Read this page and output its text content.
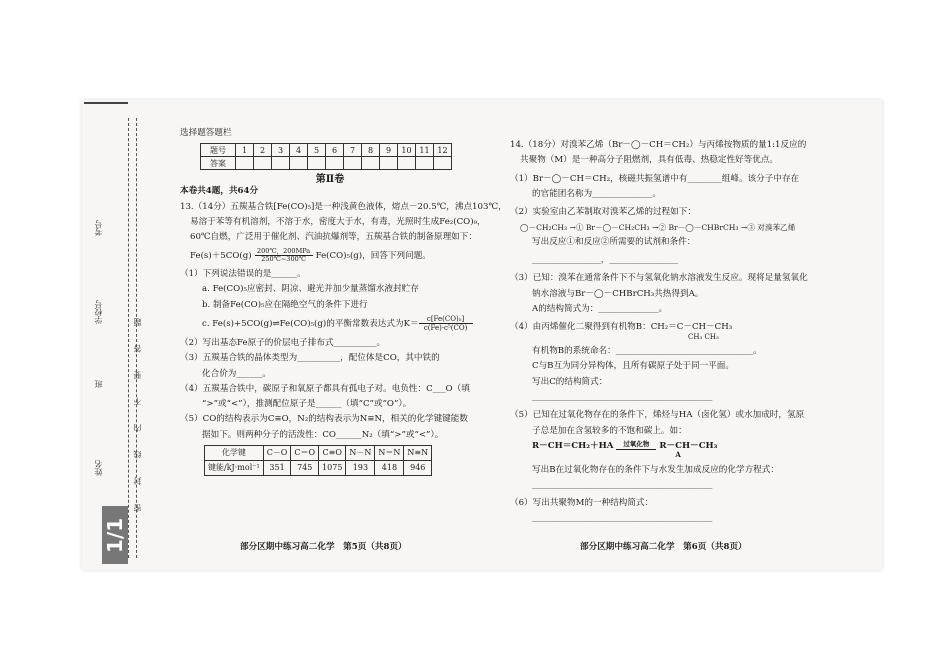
姓名
班
学校号
考号
密 封 线 内 不 要 答 题
1/1

选择题答题栏

题号	1	2	3	4	5	6	7	8	9	10	11	12
答案												

第Ⅱ卷

本卷共4题，共64分

13.（14分）五羰基合铁[Fe(CO)₅]是一种浅黄色液体，熔点－20.5℃，沸点103℃，

易溶于苯等有机溶剂，不溶于水，密度大于水，有毒，光照时生成Fe₂(CO)₉，

60℃自燃，广泛用于催化剂、汽油抗爆剂等，五羰基合铁的制备原理如下：

Fe(s)＋5CO(g)
200℃，200MPa
250℃~300℃ Fe(CO)₅(g)，回答下列问题。

（1）下列说法错误的是______。

a. Fe(CO)₅应密封、阴凉、避光并加少量蒸馏水液封贮存

b. 制备Fe(CO)₅应在隔绝空气的条件下进行

c. Fe(s)+5CO(g)⇌Fe(CO)₅(g)的平衡常数表达式为K＝ c[Fe(CO)₅]
c(Fe)·c⁵(CO)

（2）写出基态Fe原子的价层电子排布式__________。

（3）五羰基合铁的晶体类型为__________，配位体是CO，其中铁的

化合价为______。

（4）五羰基合铁中，碳原子和氧原子都具有孤电子对。电负性：C___O（填

“>”或“<”），推测配位原子是______（填“C”或“O”）。

（5）CO的结构表示为C≡O，N₂的结构表示为N≡N，相关的化学键键能数

据如下。则两种分子的活泼性：CO______N₂（填“>”或“<”）。

化学键	C－O	C＝O	C≡O	N－N	N＝N	N≡N
键能/kJ·mol⁻¹	351	745	1075	193	418	946
部分区期中练习高二化学　第5页（共8页）

14.（18分）对溴苯乙烯（Br－◯－CH＝CH₂）与丙烯按物质的量1:1反应的

共聚物（M）是一种高分子阻燃剂，具有低毒、热稳定性好等优点。

（1）Br－◯－CH＝CH₂，核磁共振氢谱中有________组峰。该分子中存在

的官能团名称为______________。

（2）实验室由乙苯制取对溴苯乙烯的过程如下：

◯－CH₂CH₃ →① Br－◯－CH₂CH₃ →② Br－◯－CHBrCH₃ →③ 对溴苯乙烯

写出反应①和反应②所需要的试剂和条件：

________________，________________

（3）已知：溴苯在通常条件下不与氢氧化钠水溶液发生反应。现将足量氢氧化

钠水溶液与Br－◯－CHBrCH₃共热得到A。

A的结构简式为：______________。

（4）由丙烯催化二聚得到有机物B：CH₂＝C－CH－CH₃

CH₃ CH₃

有机物B的系统命名：________________________________。

C与B互为同分异构体，且所有碳原子处于同一平面。

写出C的结构简式：

__________________________________________

（5）已知在过氧化物存在的条件下，烯烃与HA（卤化氢）或水加成时，氢原

子总是加在含氢较多的不饱和碳上。如：

R－CH＝CH₂＋HA 过氧化物 R－CH－CH₃
A

写出B在过氧化物存在的条件下与水发生加成反应的化学方程式：

__________________________________________

（6）写出共聚物M的一种结构简式：

__________________________________________

部分区期中练习高二化学　第6页（共8页）
